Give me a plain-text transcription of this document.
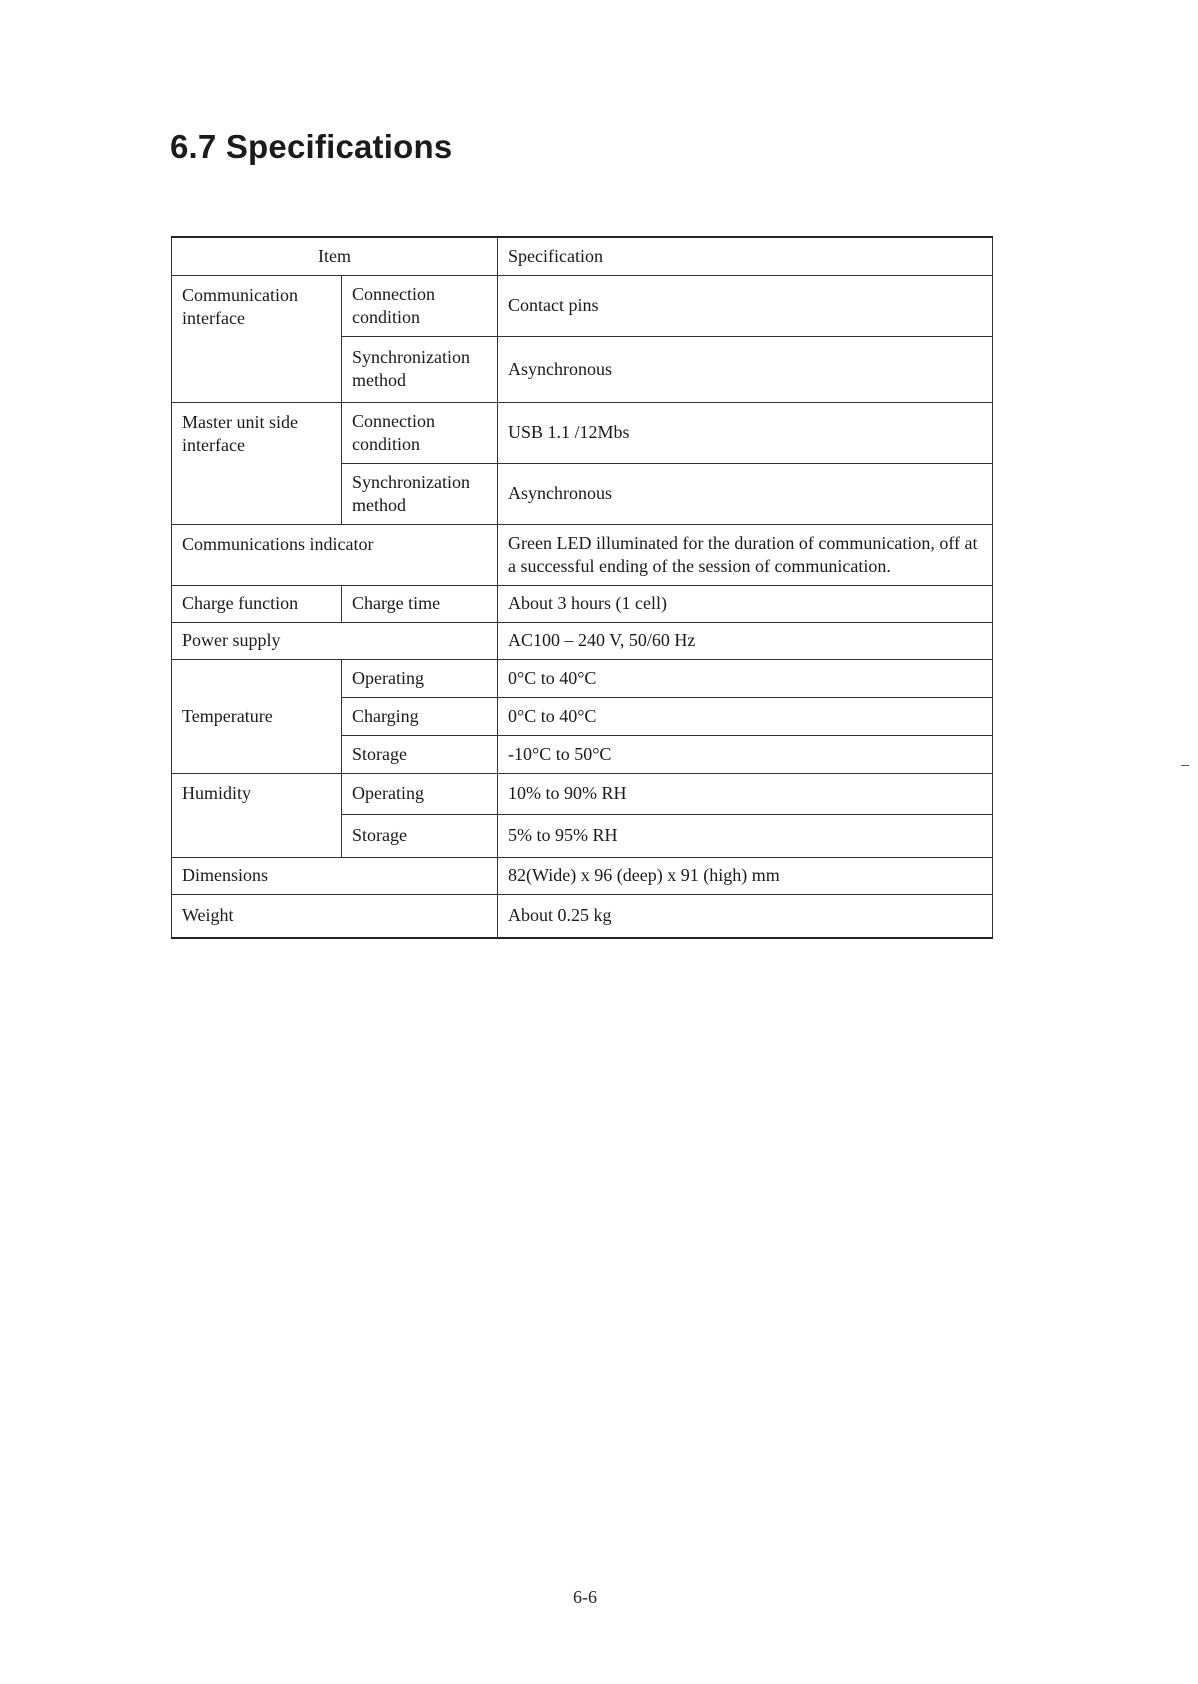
6.7 Specifications
Item		Specification
Communication interface	Connection condition	Contact pins
	Synchronization method	Asynchronous
Master unit side interface	Connection condition	USB 1.1 /12Mbs
	Synchronization method	Asynchronous
Communications indicator		Green LED illuminated for the duration of communication, off at a successful ending of the session of communication.
Charge function	Charge time	About 3 hours (1 cell)
Power supply		AC100 – 240 V, 50/60 Hz
Temperature	Operating	0°C to 40°C
	Charging	0°C to 40°C
	Storage	-10°C to 50°C
Humidity	Operating	10% to 90% RH
	Storage	5% to 95% RH
Dimensions		82(Wide) x 96 (deep) x 91 (high) mm
Weight		About 0.25 kg
6-6
